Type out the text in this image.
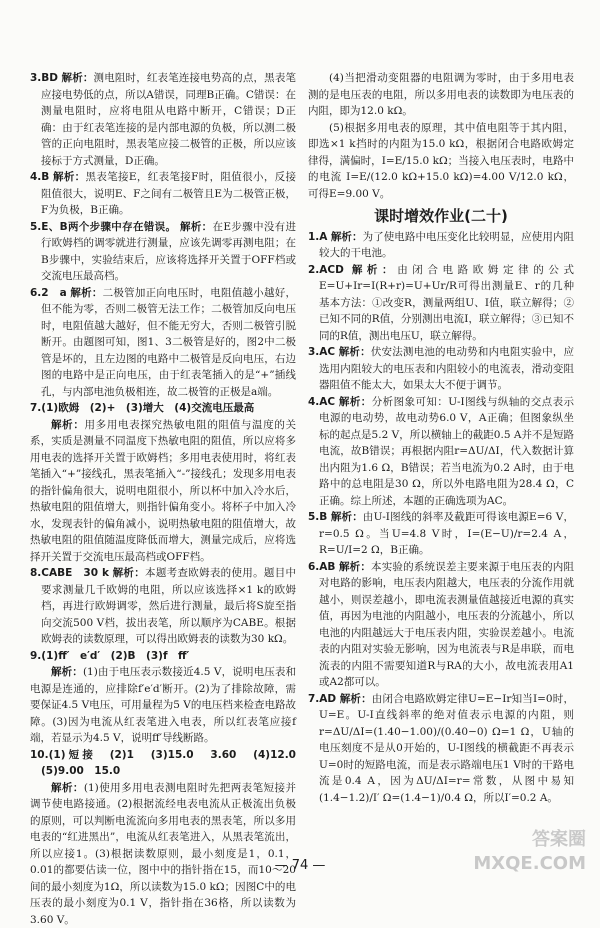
3.BD 解析：测电阻时，红表笔连接电势高的点，黑表笔应接电势低的点，所以A错误，同理B正确。C错误：在测量电阻时，应将电阻从电路中断开，C错误；D正确：由于红表笔连接的是内部电源的负极，所以测二极管的正向电阻时，黑表笔应接二极管的正极，所以应该接标于方式测量，D正确。

4.B 解析：黑表笔接E，红表笔接F时，阻值很小，反接阻值很大，说明E、F之间有二极管且E为二极管正极，F为负极，B正确。

5.E、B两个步骤中存在错误。 解析：在E步骤中没有进行欧姆档的调零就进行测量，应该先调零再测电阻；在B步骤中，实验结束后，应该将选择开关置于OFF档或交流电压最高档。

6.2　a 解析：二极管加正向电压时，电阻值越小越好，但不能为零，否则二极管无法工作；二极管加反向电压时，电阻值越大越好，但不能无穷大，否则二极管引脱断开。由题图可知，图1、3二极管是好的，图2中二极管是坏的，且左边图的电路中二极管是反向电压，右边图的电路中是正向电压，由于红表笔插入的是“+”插线孔，与内部电池负极相连，故二极管的正极是a端。

7.(1)欧姆　(2)+　(3)增大　(4)交流电压最高

解析：用多用电表探究热敏电阻的阻值与温度的关系，实质是测量不同温度下热敏电阻的阻值，所以应将多用电表的选择开关置于欧姆档；多用电表使用时，将红表笔插入“+”接线孔，黑表笔插入“-”接线孔；发现多用电表的指针偏角很大，说明电阻很小，所以杯中加入冷水后，热敏电阻的阻值增大，则指针偏角变小。将杯子中加入冷水，发现表针的偏角减小，说明热敏电阻的阻值增大，故热敏电阻的阻值随温度降低而增大，测量完成后，应将选择开关置于交流电压最高档或OFF档。

8.CABE　30 k 解析：本题考查欧姆表的使用。题目中要求测量几千欧姆的电阻，所以应该选择×1 k的欧姆档，再进行欧姆调零，然后进行测量，最后将S旋至指向交流500 V档，拔出表笔，所以顺序为CABE。根据欧姆表的读数原理，可以得出欧姆表的读数为30 kΩ。

9.(1)ff′　e′d′　(2)B　(3)f　ff′

解析：(1)由于电压表示数接近4.5 V，说明电压表和电源是连通的，应排除f′e′d′断开。(2)为了排除故障，需要保证4.5 V电压，可用量程为5 V的电压档来检查电路故障。(3)因为电流从红表笔进入电表，所以红表笔应接f端，若显示为4.5 V，说明ff′导线断路。

10.(1)短接　(2)1　(3)15.0　3.60　(4)12.0　(5)9.00　15.0

解析：(1)使用多用电表测电阻时先把两表笔短接并调节使电路接通。(2)根据流经电表电流从正极流出负极的原则，可以判断电流流向多用电表的黑表笔，所以多用电表的“红进黑出”，电流从红表笔进入，从黑表笔流出，所以应接1。(3)根据读数原则，最小刻度是1，0.1，0.01的都要估读一位，图中中的指针指在15，而10～20间的最小刻度为1Ω，所以读数为15.0 kΩ；因图C中的电压表的最小刻度为0.1 V，指针指在36格，所以读数为3.60 V。

(4)当把滑动变阻器的电阻调为零时，由于多用电表测的是电压表的电阻，所以多用电表的读数即为电压表的内阻，即为12.0 kΩ。

(5)根据多用电表的原理，其中值电阻等于其内阻，即选×1 k挡时的内阻为15.0 kΩ，根据闭合电路欧姆定律得，满偏时，I=E/15.0 kΩ；当接入电压表时，电路中的电流 I=E/(12.0 kΩ+15.0 kΩ)=4.00 V/12.0 kΩ，可得E=9.00 V。

课时增效作业(二十)

1.A 解析：为了使电路中电压变化比较明显，应使用内阻较大的干电池。

2.ACD 解析：由闭合电路欧姆定律的公式E=U+Ir=I(R+r)=U+Ur/R可得出测量E、r的几种基本方法：①改变R，测量两组U、I值，联立解得；②已知不同的R值，分别测出电流I，联立解得；③已知不同的R值，测出电压U，联立解得。

3.AC 解析：伏安法测电池的电动势和内电阻实验中，应选用内阻较大的电压表和内阻较小的电流表，滑动变阻器阻值不能太大，如果太大不便于调节。

4.AC 解析：分析图象可知：U-I图线与纵轴的交点表示电源的电动势，故电动势6.0 V，A正确；但图象纵坐标的起点是5.2 V，所以横轴上的截距0.5 A并不是短路电流，故B错误；再根据内阻r=ΔU/ΔI，代入数据计算出内阻为1.6 Ω，B错误；若当电流为0.2 A时，由于电路中的总电阻是30 Ω，所以外电路电阻为28.4 Ω，C正确。综上所述，本题的正确选项为AC。

5.B 解析：由U-I图线的斜率及截距可得该电源E=6 V，r=0.5 Ω。当U=4.8 V时，I=(E−U)/r=2.4 A，R=U/I=2 Ω，B正确。

6.AB 解析：本实验的系统误差主要来源于电压表的内阻对电路的影响，电压表内阻越大，电压表的分流作用就越小，则误差越小，即电流表测量值越接近电源的真实值，再因为电池的内阻越小，电压表的分流越小，所以电池的内阻越远大于电压表内阻，实验误差越小。电流表的内阻对实验无影响，因为电流表与R是串联，而电流表的内阻不需要知道R与RA的大小，故电流表用A1或A2都可以。

7.AD 解析：由闭合电路欧姆定律U=E−Ir知当I=0时，U=E。U-I直线斜率的绝对值表示电源的内阻，则r=ΔU/ΔI=(1.40−1.00)/(0.40−0) Ω=1 Ω，U轴的电压刻度不是从0开始的，U-I图线的横截距不再表示U=0时的短路电流，而是表示路端电压1 V时的干路电流是0.4 A，因为ΔU/ΔI=r=常数，从图中易知(1.4−1.2)/I′ Ω=(1.4−1)/0.4 Ω，所以I′=0.2 A。

— 74 —
答案圈 MXQE.COM
